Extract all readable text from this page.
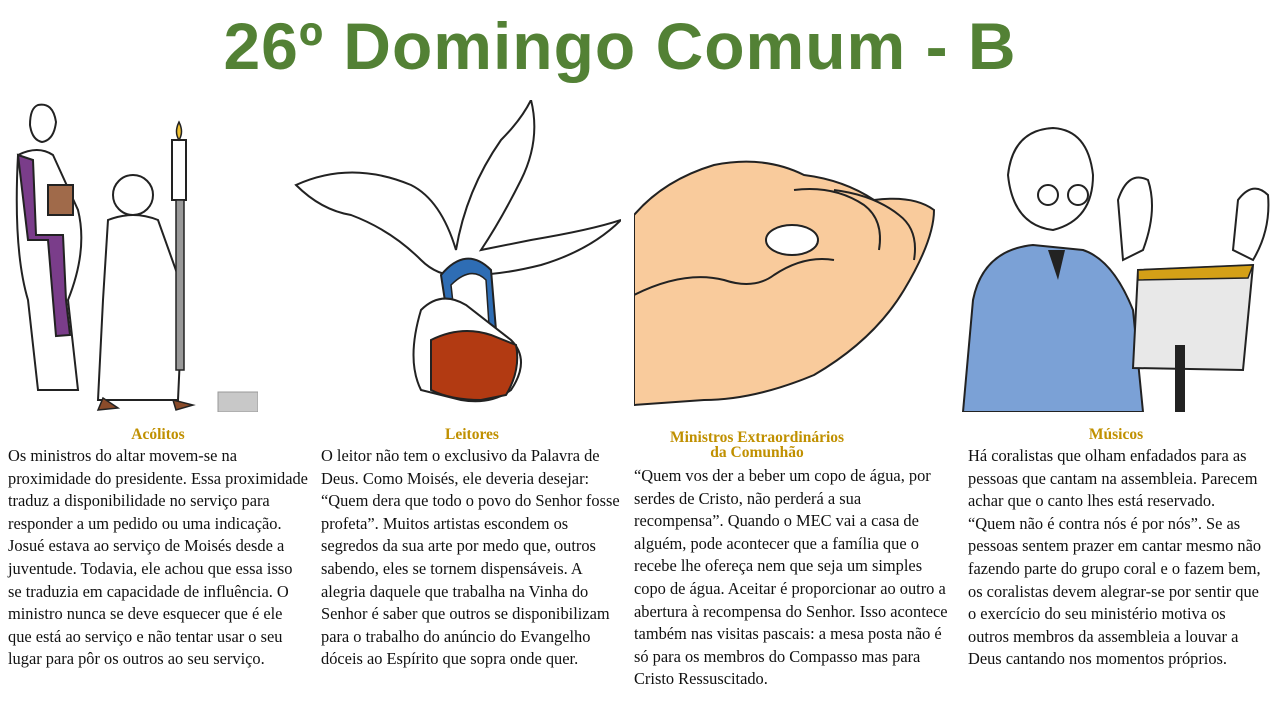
26º Domingo Comum - B
Acólitos
Os ministros do altar movem-se na proximidade do presidente. Essa proximidade traduz a disponibilidade no serviço para responder a um pedido ou uma indicação. Josué estava ao serviço de Moisés desde a juventude. Todavia, ele achou que essa isso se traduzia em capacidade de influência. O ministro nunca se deve esquecer que é ele que está ao serviço e não tentar usar o seu lugar para pôr os outros ao seu serviço.
Leitores
O leitor não tem o exclusivo da Palavra de Deus. Como Moisés, ele deveria desejar: “Quem dera que todo o povo do Senhor fosse profeta”. Muitos artistas escondem os segredos da sua arte por medo que, outros sabendo, eles se tornem dispensáveis. A alegria daquele que trabalha na Vinha do Senhor é saber que outros se disponibilizam para o trabalho do anúncio do Evangelho dóceis ao Espírito que sopra onde quer.
Ministros Extraordinários
da Comunhão
“Quem vos der a beber um copo de água, por serdes de Cristo, não perderá a sua recompensa”. Quando o MEC vai a casa de alguém, pode acontecer que a família que o recebe lhe ofereça nem que seja um simples copo de água. Aceitar é proporcionar ao outro a abertura à recompensa do Senhor. Isso acontece também nas visitas pascais: a mesa posta não é só para os membros do Compasso mas para Cristo Ressuscitado.
Músicos
Há coralistas que olham enfadados para as pessoas que cantam na assembleia. Parecem achar que o canto lhes está reservado. “Quem não é contra nós é por nós”. Se as pessoas sentem prazer em cantar mesmo não fazendo parte do grupo coral e o fazem bem, os coralistas devem alegrar-se por sentir que o exercício do seu ministério motiva os outros membros da assembleia a louvar a Deus cantando nos momentos próprios.
